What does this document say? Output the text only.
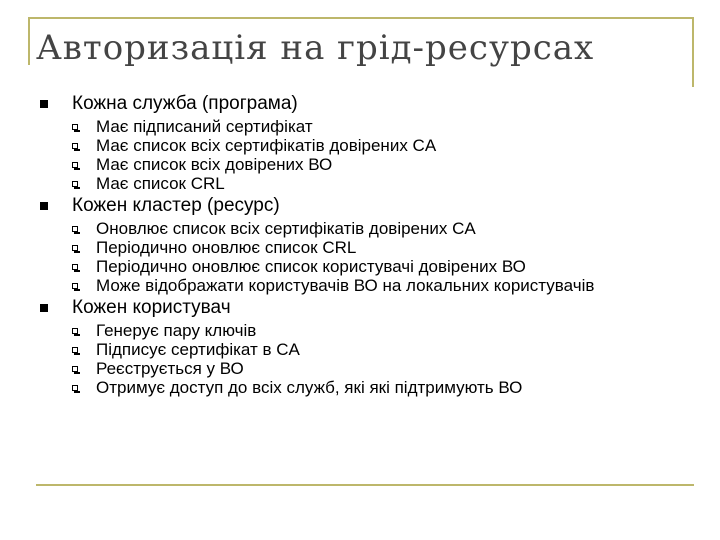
Авторизація на грід-ресурсах
Кожна служба (програма)
Має підписаний сертифікат
Має список всіх сертифікатів довірених CA
Має список всіх довірених ВО
Має список CRL
Кожен кластер (ресурс)
Оновлює список всіх сертифікатів довірених CA
Періодично оновлює список CRL
Періодично оновлює список користувачі довірених ВО
Може відображати користувачів ВО на локальних користувачів
Кожен користувач
Генерує пару ключів
Підписує сертифікат в CA
Реєструється у ВО
Отримує доступ до всіх служб, які які підтримують ВО
